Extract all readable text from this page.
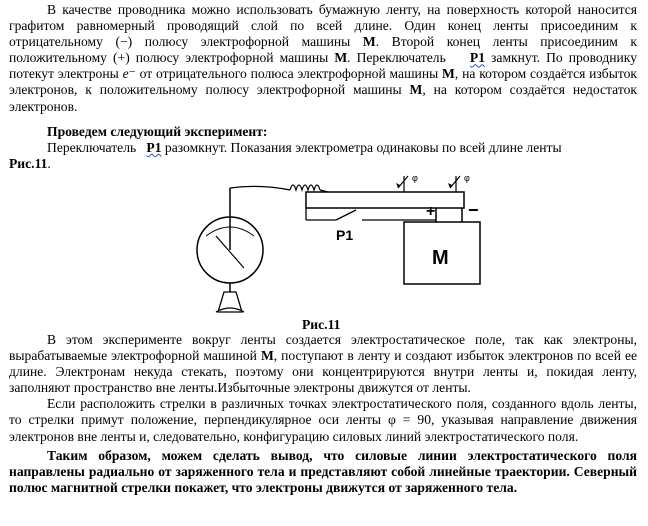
В качестве проводника можно использовать бумажную ленту, на поверхность которой наносится графитом равномерный проводящий слой по всей длине. Один конец ленты присоединим к отрицательному (−) полюсу электрофорной машины М. Второй конец ленты присоединим к положительному (+) полюсу электрофорной машины М. Переключатель P1 замкнут. По проводнику потекут электроны e⁻ от отрицательного полюса электрофорной машины М, на котором создаётся избыток электронов, к положительному полюсу электрофорной машины М, на котором создаётся недостаток электронов.

Проведем следующий эксперимент:

Переключатель P1 разомкнут. Показания электрометра одинаковы по всей длине ленты

Рис.11.

P1
M
+ −
φ	φ
Рис.11

В этом эксперименте вокруг ленты создается электростатическое поле, так как электроны, вырабатываемые электрофорной машиной М, поступают в ленту и создают избыток электронов по всей ее длине. Электронам некуда стекать, поэтому они концентрируются внутри ленты и, покидая ленту, заполняют пространство вне ленты.Избыточные электроны движутся от ленты.

Если расположить стрелки в различных точках электростатического поля, созданного вдоль ленты, то стрелки примут положение, перпендикулярное оси ленты φ = 90, указывая направление движения электронов вне ленты и, следовательно, конфигурацию силовых линий электростатического поля.

Таким образом, можем сделать вывод, что силовые линии электростатического поля направлены радиально от заряженного тела и представляют собой линейные траектории. Северный полюс магнитной стрелки покажет, что электроны движутся от заряженного тела.
